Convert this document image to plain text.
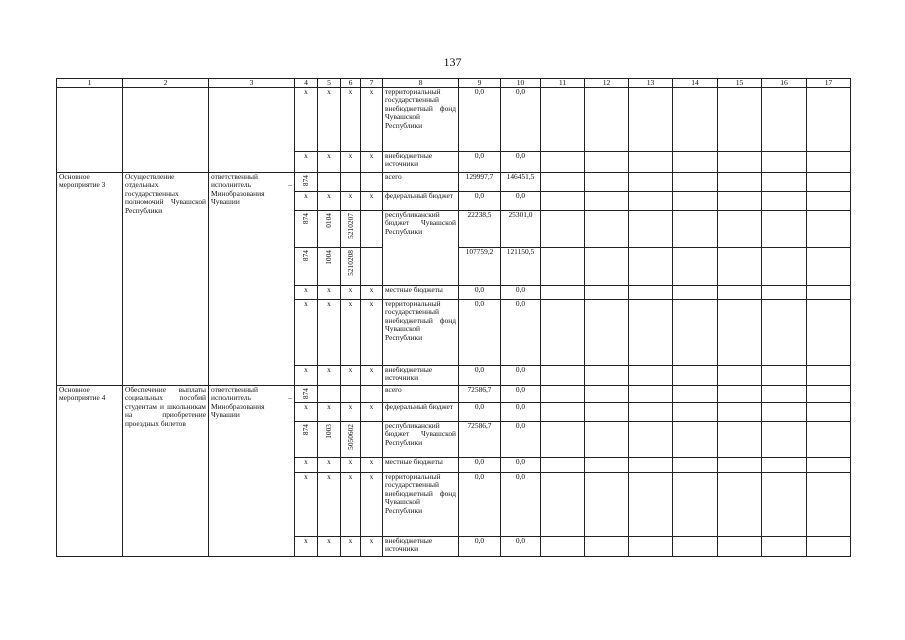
137
1	2	3	4	5	6	7	8	9	10	11	12	13	14	15	16	17
			x	x	x	x	территориальный государственный внебюджетный фонд Чувашской Республики	0,0	0,0							
			x	x	x	x	внебюджетные источники	0,0	0,0							
Основное мероприятие 3	Осуществление отдельных государственных полномочий Чувашской Республики	ответственный исполнитель – Минобразования Чувашии	874				всего	129997,7	146451,5							
			x	x	x	x	федеральный бюджет	0,0	0,0							

			874	0104	5210207		республиканский бюджет Чувашской Республики	22238,5	25301,0							

			874	1004	5210208			107759,2	121150,5							
			x	x	x	x	местные бюджеты	0,0	0,0							
			x	x	x	x	территориальный государственный внебюджетный фонд Чувашской Республики	0,0	0,0							
			x	x	x	x	внебюджетные источники	0,0	0,0							

Основное мероприятие 4	Обеспечение выплаты социальных пособий студентам и школьникам на приобретение проездных билетов	ответственный исполнитель – Минобразования Чувашии	874				всего	72586,7	0,0							
			x	x	x	x	федеральный бюджет	0,0	0,0							

			874	1003	5050602		республиканский бюджет Чувашской Республики	72586,7	0,0							
			x	x	x	x	местные бюджеты	0,0	0,0							
			x	x	x	x	территориальный государственный внебюджетный фонд Чувашской Республики	0,0	0,0							
			x	x	x	x	внебюджетные источники	0,0	0,0							
